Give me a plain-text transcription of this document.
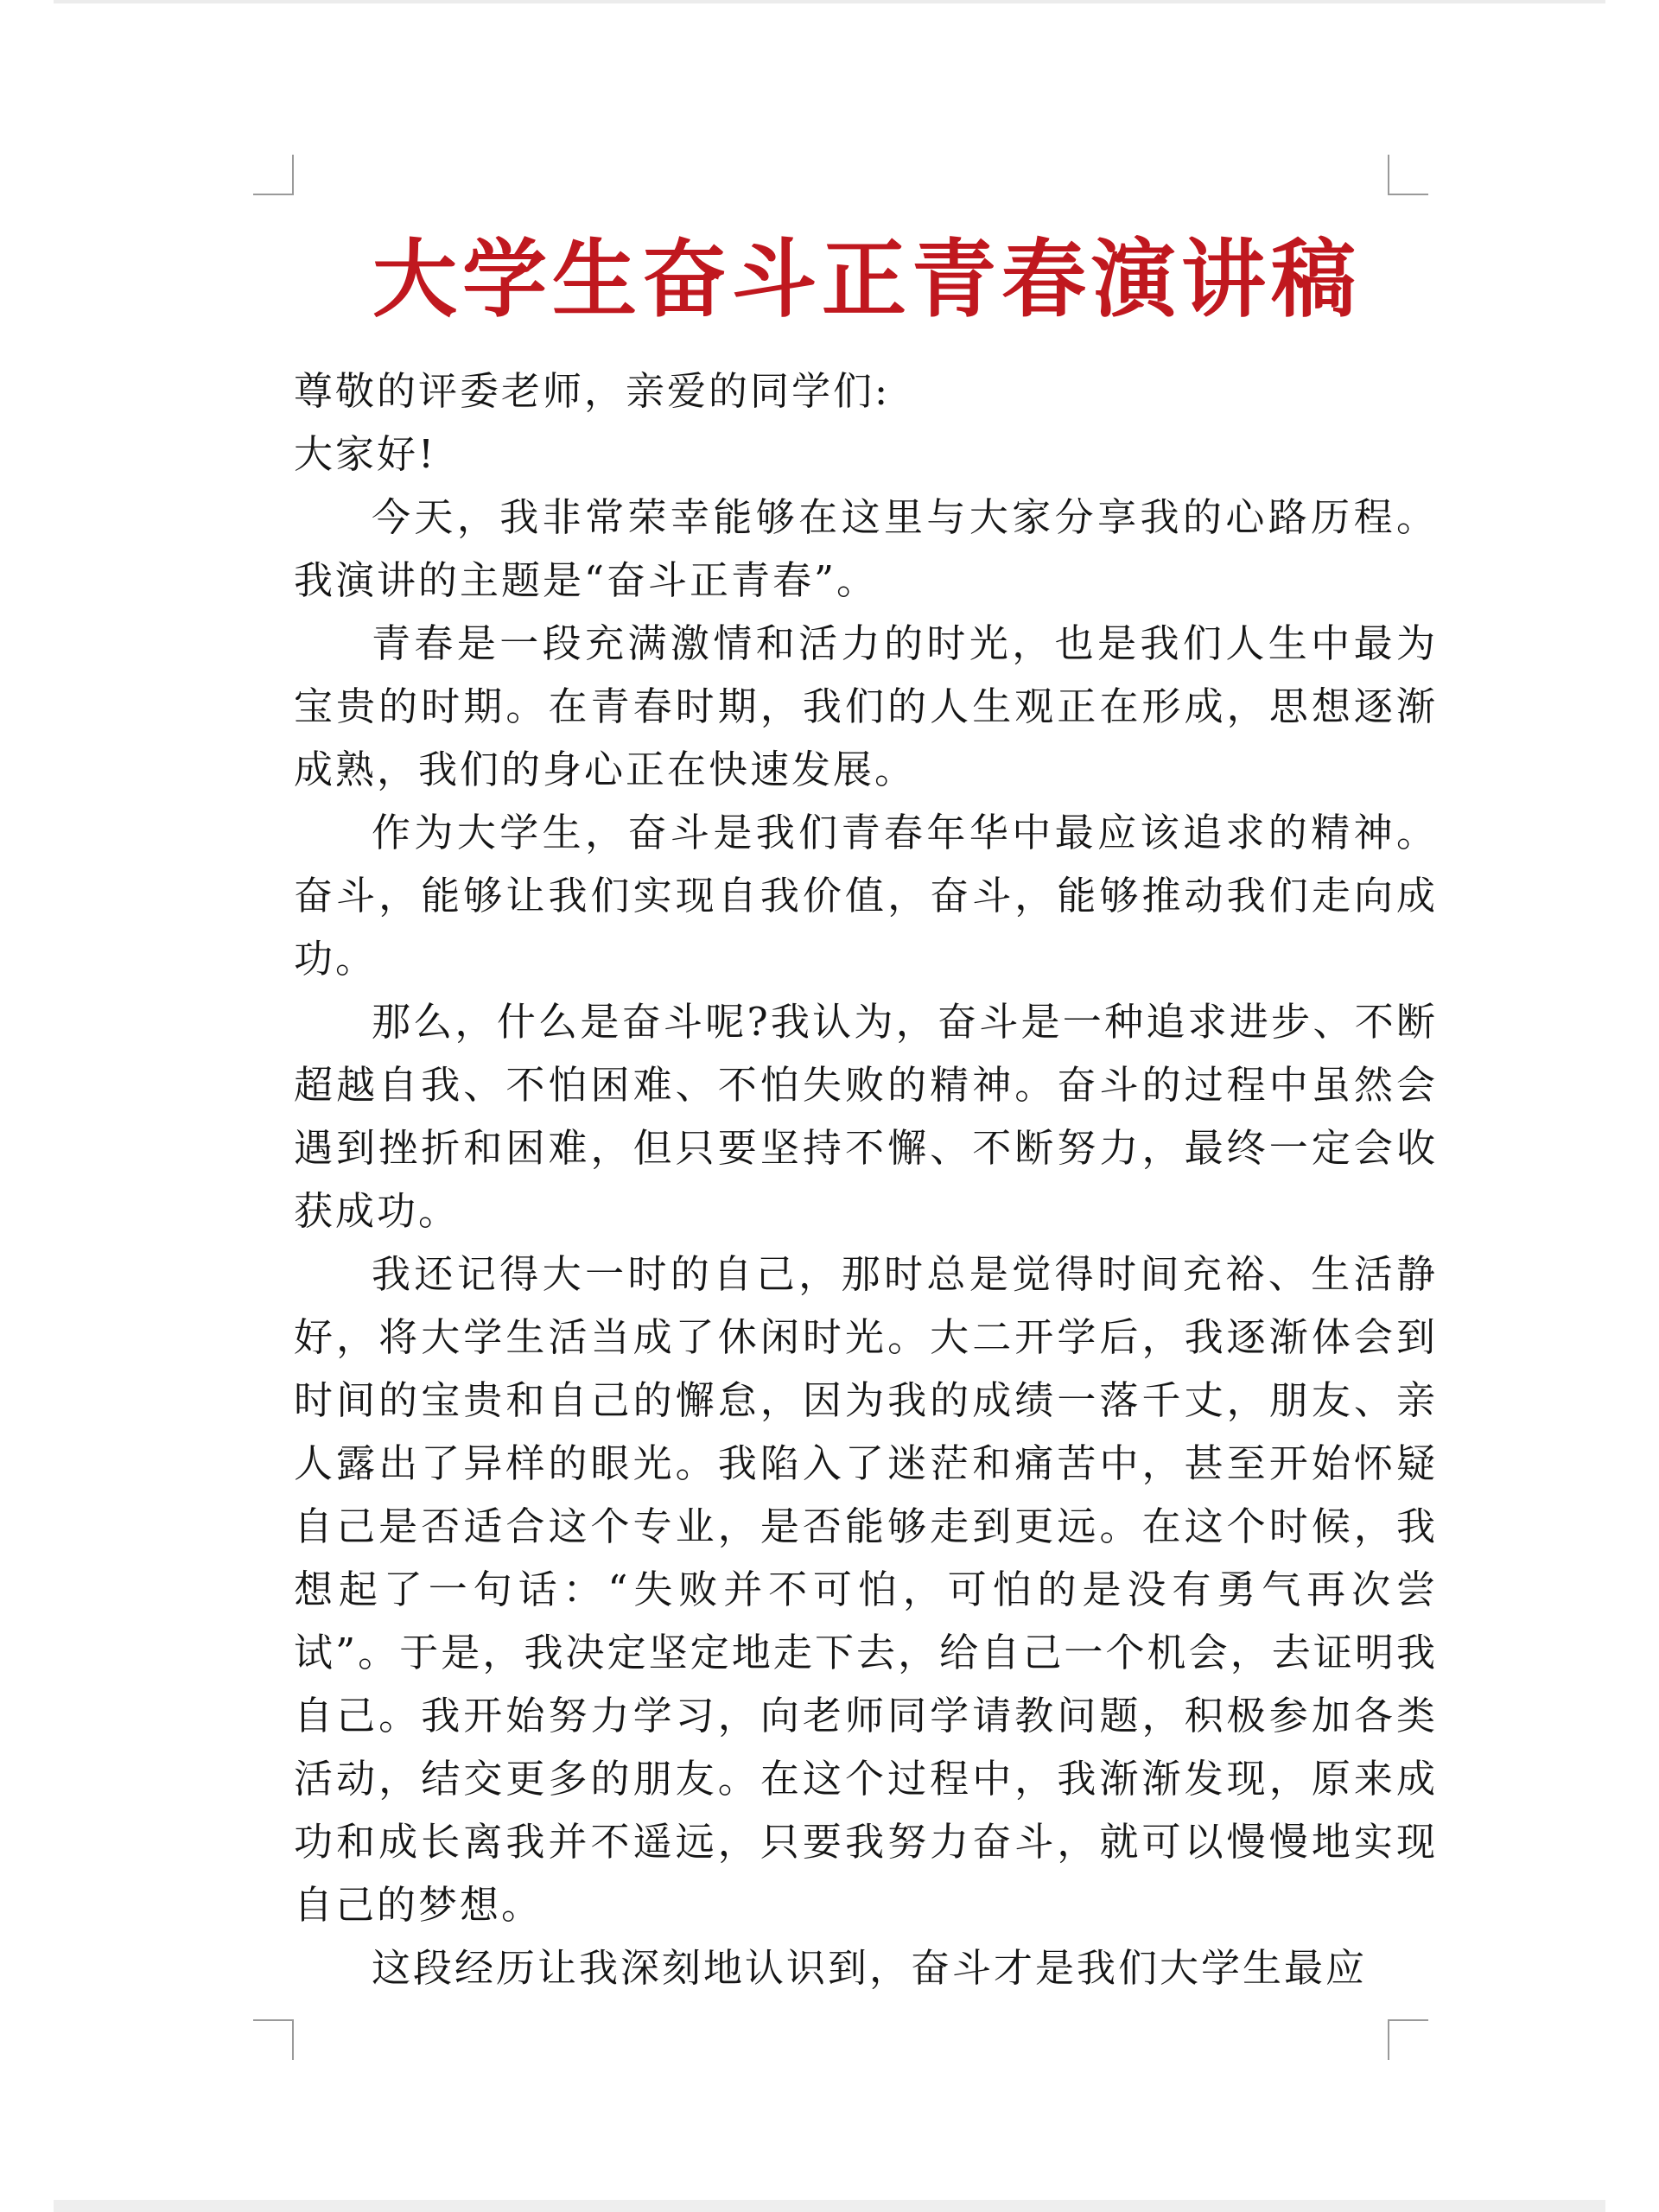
大学生奋斗正青春演讲稿

尊敬的评委老师，亲爱的同学们:

大家好!

今天，我非常荣幸能够在这里与大家分享我的心路历程。我演讲的主题是“奋斗正青春”。

青春是一段充满激情和活力的时光，也是我们人生中最为宝贵的时期。在青春时期，我们的人生观正在形成，思想逐渐成熟，我们的身心正在快速发展。

作为大学生，奋斗是我们青春年华中最应该追求的精神。奋斗，能够让我们实现自我价值，奋斗，能够推动我们走向成功。

那么，什么是奋斗呢?我认为，奋斗是一种追求进步、不断超越自我、不怕困难、不怕失败的精神。奋斗的过程中虽然会遇到挫折和困难，但只要坚持不懈、不断努力，最终一定会收获成功。

我还记得大一时的自己，那时总是觉得时间充裕、生活静好，将大学生活当成了休闲时光。大二开学后，我逐渐体会到时间的宝贵和自己的懈怠，因为我的成绩一落千丈，朋友、亲人露出了异样的眼光。我陷入了迷茫和痛苦中，甚至开始怀疑自己是否适合这个专业，是否能够走到更远。在这个时候，我想起了一句话：“失败并不可怕，可怕的是没有勇气再次尝试”。于是，我决定坚定地走下去，给自己一个机会，去证明我自己。我开始努力学习，向老师同学请教问题，积极参加各类活动，结交更多的朋友。在这个过程中，我渐渐发现，原来成功和成长离我并不遥远，只要我努力奋斗，就可以慢慢地实现自己的梦想。

这段经历让我深刻地认识到，奋斗才是我们大学生最应
